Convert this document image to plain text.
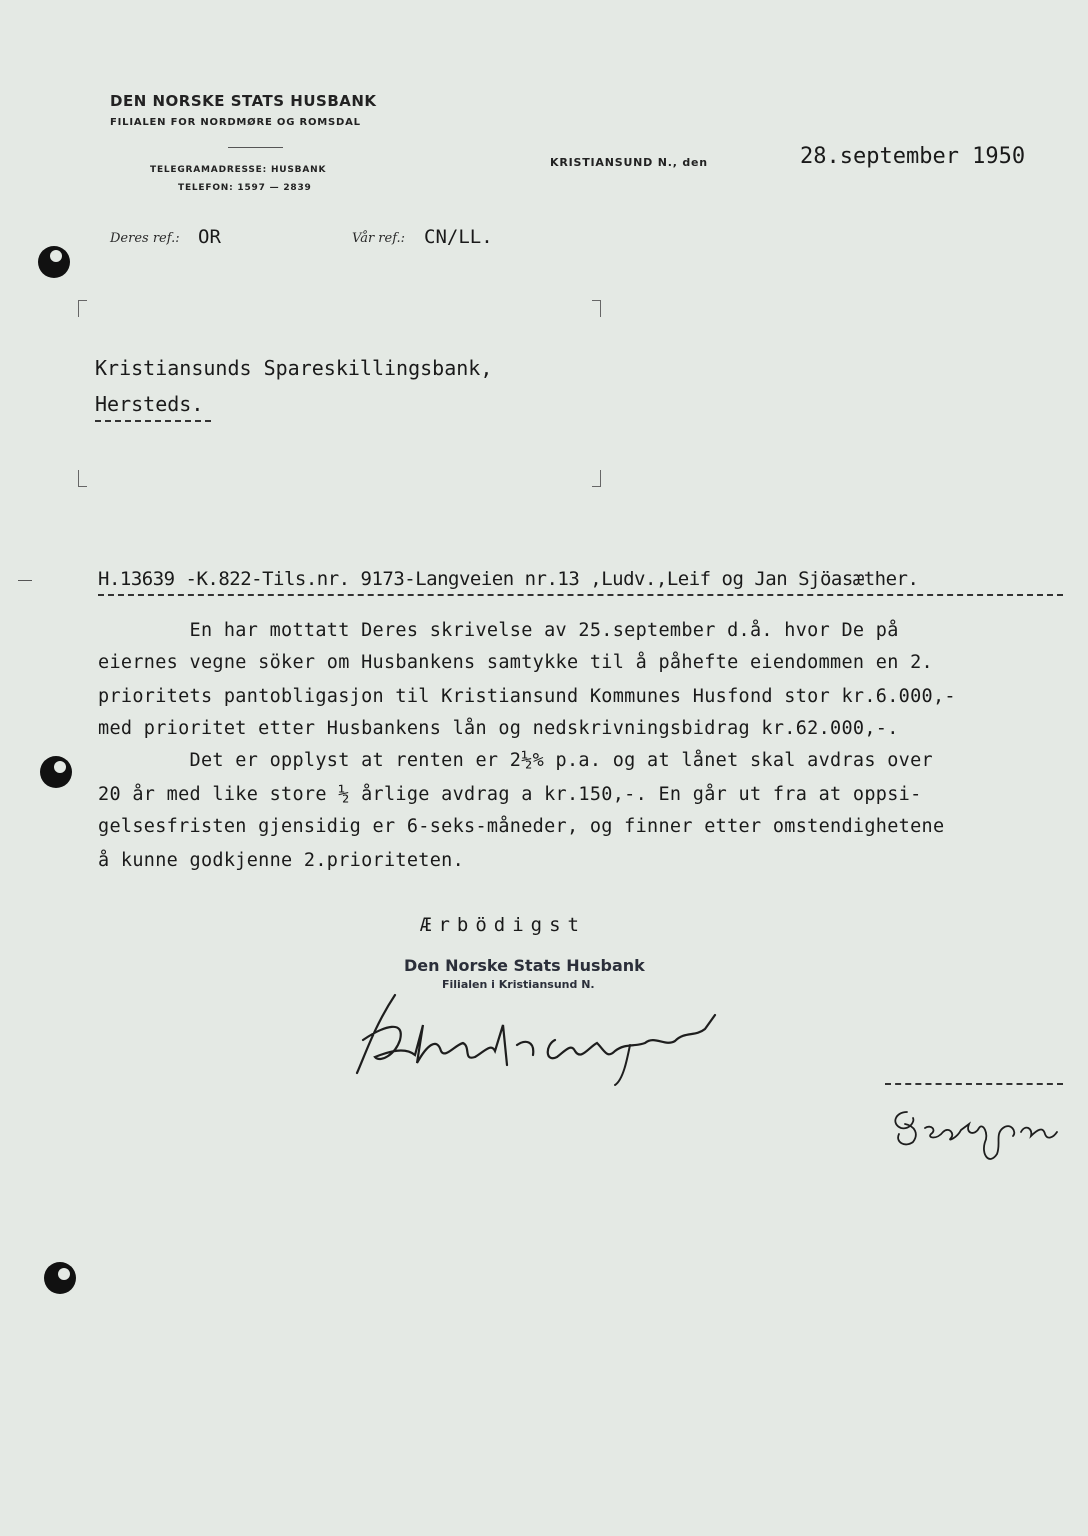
DEN NORSKE STATS HUSBANK
FILIALEN FOR NORDMØRE OG ROMSDAL
TELEGRAMADRESSE: HUSBANK
TELEFON: 1597 — 2839
KRISTIANSUND N., den	28.september 1950
Deres ref.: OR	Vår ref.: CN/LL.
Kristiansunds Spareskillingsbank,
Hersteds.
H.13639 -K.822-Tils.nr. 9173-Langveien nr.13 ,Ludv.,Leif og Jan Sjöasæther.
En har mottatt Deres skrivelse av 25.september d.å. hvor De på
eiernes vegne söker om Husbankens samtykke til å påhefte eiendommen en 2.
prioritets pantobligasjon til Kristiansund Kommunes Husfond stor kr.6.000,-
med prioritet etter Husbankens lån og nedskrivningsbidrag kr.62.000,-.
Det er opplyst at renten er 2½% p.a. og at lånet skal avdras over
20 år med like store ½ årlige avdrag a kr.150,-. En går ut fra at oppsi-
gelsesfristen gjensidig er 6-seks-måneder, og finner etter omstendighetene
å kunne godkjenne 2.prioriteten.
Ærbödigst
Den Norske Stats Husbank
Filialen i Kristiansund N.
